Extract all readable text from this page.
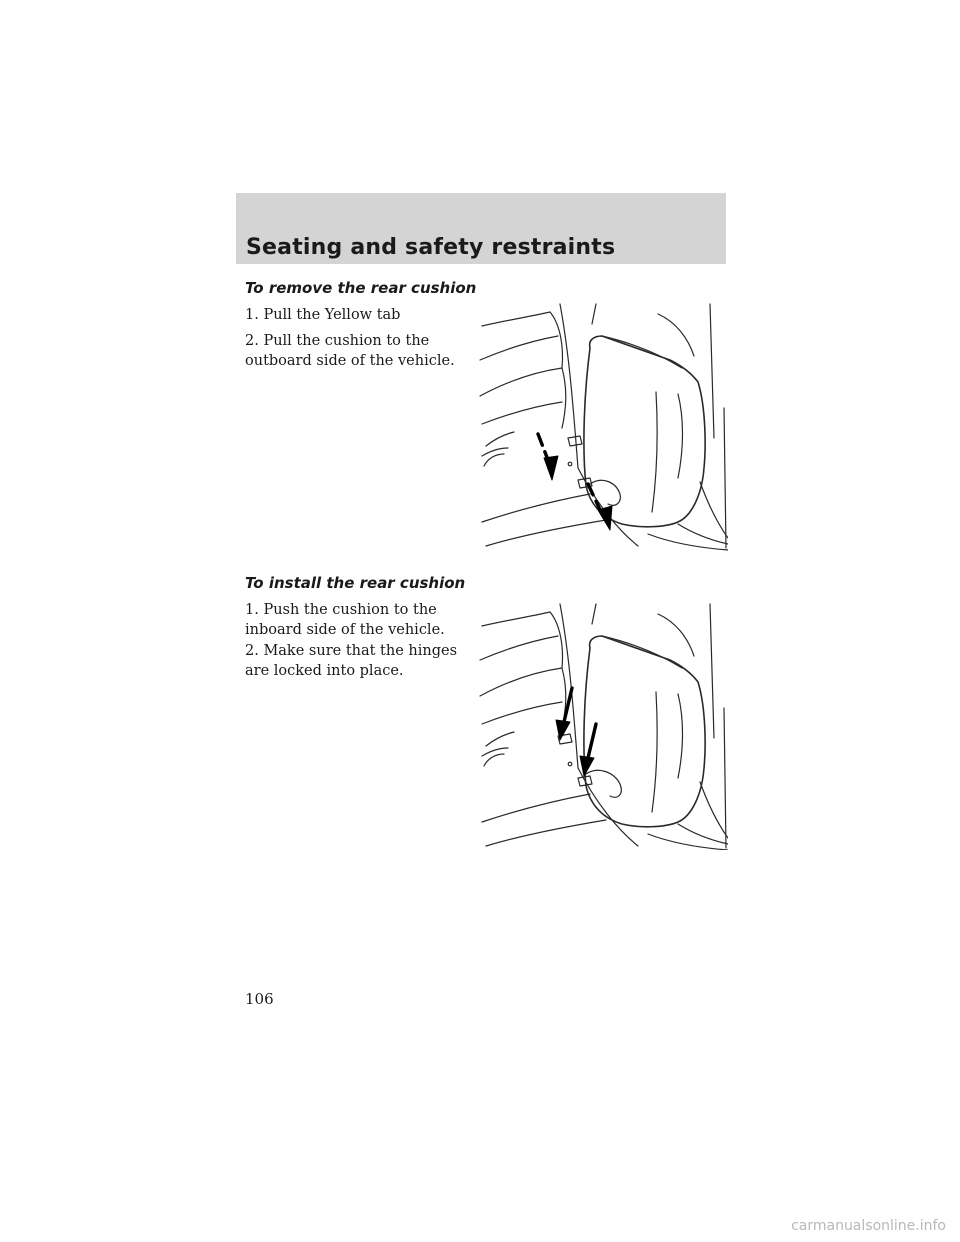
Seating and safety restraints
To remove the rear cushion

1. Pull the Yellow tab

2. Pull the cushion to the outboard side of the vehicle.

To install the rear cushion

1. Push the cushion to the inboard side of the vehicle.

2. Make sure that the hinges are locked into place.

106

carmanualsonline.info
